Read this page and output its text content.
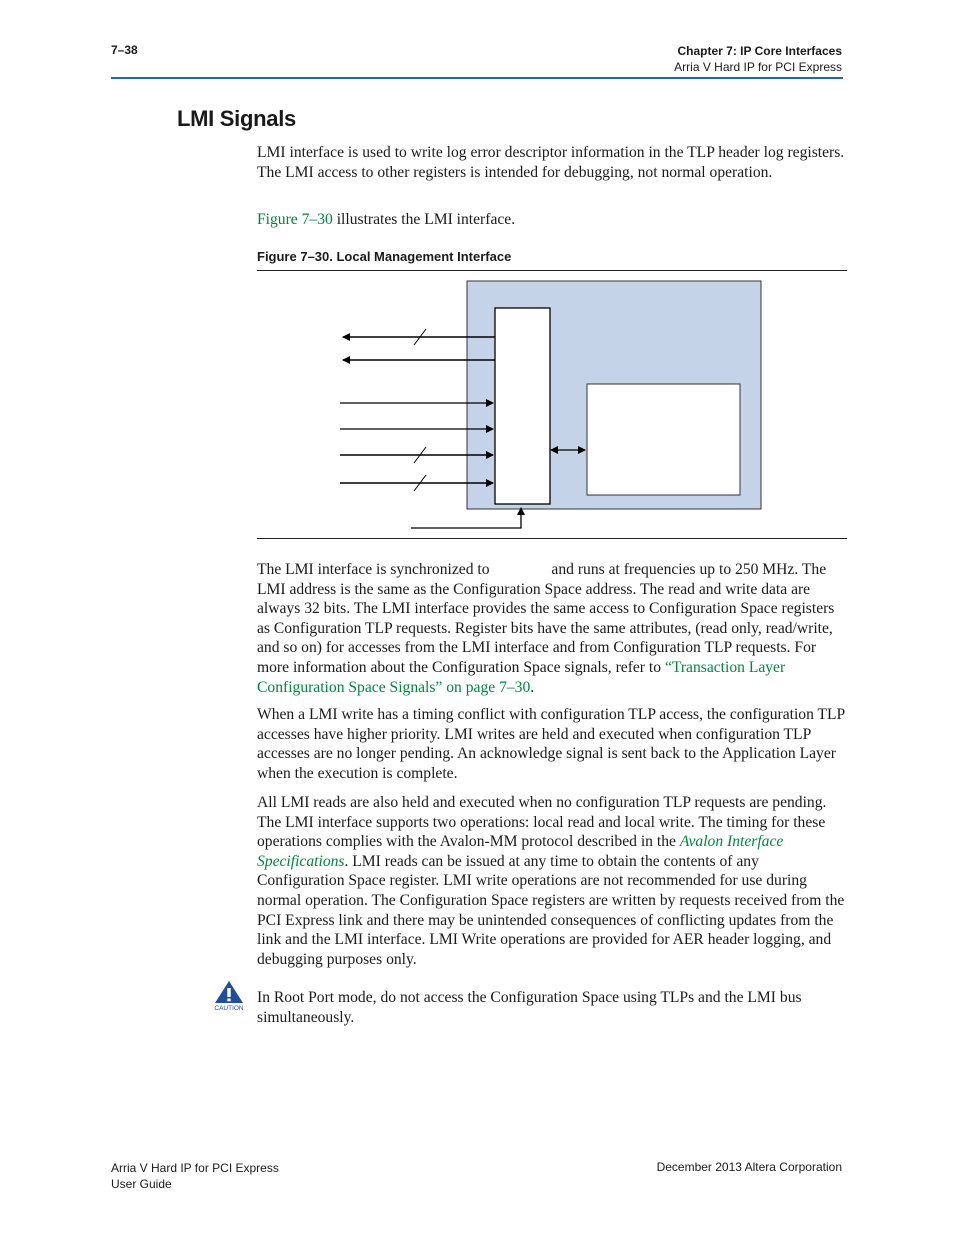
7–38	Chapter 7: IP Core Interfaces
Arria V Hard IP for PCI Express
LMI Signals

LMI interface is used to write log error descriptor information in the TLP header log registers. The LMI access to other registers is intended for debugging, not normal operation.

Figure 7–30 illustrates the LMI interface.

Figure 7–30. Local Management Interface

The LMI interface is synchronized to	and runs at frequencies up to 250 MHz. The LMI address is the same as the Configuration Space address. The read and write data are always 32 bits. The LMI interface provides the same access to Configuration Space registers as Configuration TLP requests. Register bits have the same attributes, (read only, read/write, and so on) for accesses from the LMI interface and from Configuration TLP requests. For more information about the Configuration Space signals, refer to “Transaction Layer Configuration Space Signals” on page 7–30.

When a LMI write has a timing conflict with configuration TLP access, the configuration TLP accesses have higher priority. LMI writes are held and executed when configuration TLP accesses are no longer pending. An acknowledge signal is sent back to the Application Layer when the execution is complete.

All LMI reads are also held and executed when no configuration TLP requests are pending. The LMI interface supports two operations: local read and local write. The timing for these operations complies with the Avalon-MM protocol described in the Avalon Interface Specifications. LMI reads can be issued at any time to obtain the contents of any Configuration Space register. LMI write operations are not recommended for use during normal operation. The Configuration Space registers are written by requests received from the PCI Express link and there may be unintended consequences of conflicting updates from the link and the LMI interface. LMI Write operations are provided for AER header logging, and debugging purposes only.

CAUTION

In Root Port mode, do not access the Configuration Space using TLPs and the LMI bus simultaneously.

Arria V Hard IP for PCI Express
User Guide
December 2013 Altera Corporation
